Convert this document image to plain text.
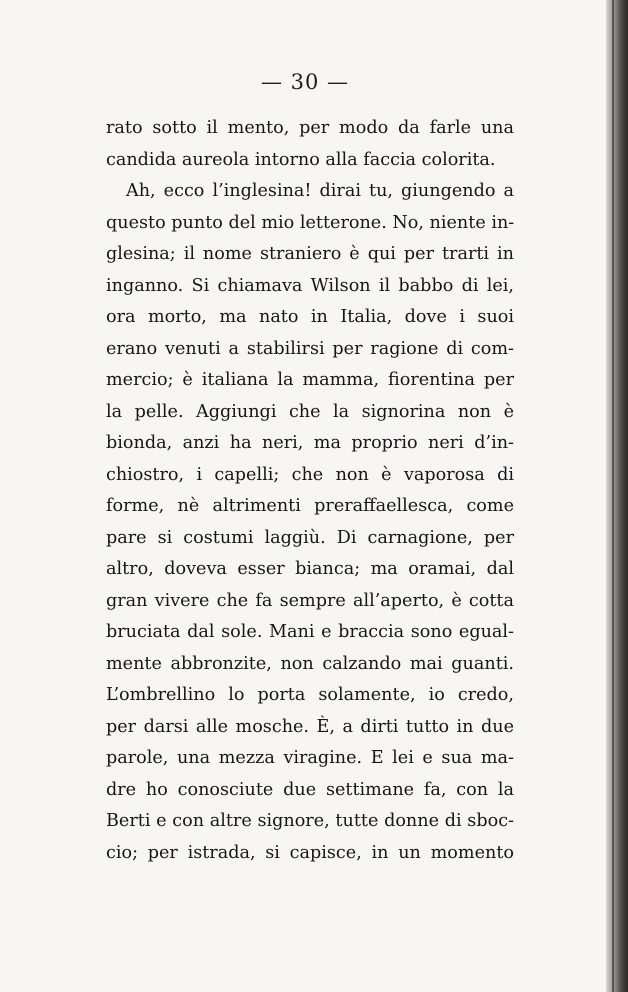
— 30 —
rato sotto il mento, per modo da farle una
candida aureola intorno alla faccia colorita.
Ah, ecco l’inglesina! dirai tu, giungendo a
questo punto del mio letterone. No, niente in-
glesina; il nome straniero è qui per trarti in
inganno. Si chiamava Wilson il babbo di lei,
ora morto, ma nato in Italia, dove i suoi
erano venuti a stabilirsi per ragione di com-
mercio; è italiana la mamma, fiorentina per
la pelle. Aggiungi che la signorina non è
bionda, anzi ha neri, ma proprio neri d’in-
chiostro, i capelli; che non è vaporosa di
forme, nè altrimenti preraffaellesca, come
pare si costumi laggiù. Di carnagione, per
altro, doveva esser bianca; ma oramai, dal
gran vivere che fa sempre all’aperto, è cotta
bruciata dal sole. Mani e braccia sono egual-
mente abbronzite, non calzando mai guanti.
L’ombrellino lo porta solamente, io credo,
per darsi alle mosche. È, a dirti tutto in due
parole, una mezza viragine. E lei e sua ma-
dre ho conosciute due settimane fa, con la
Berti e con altre signore, tutte donne di sboc-
cio; per istrada, si capisce, in un momento
